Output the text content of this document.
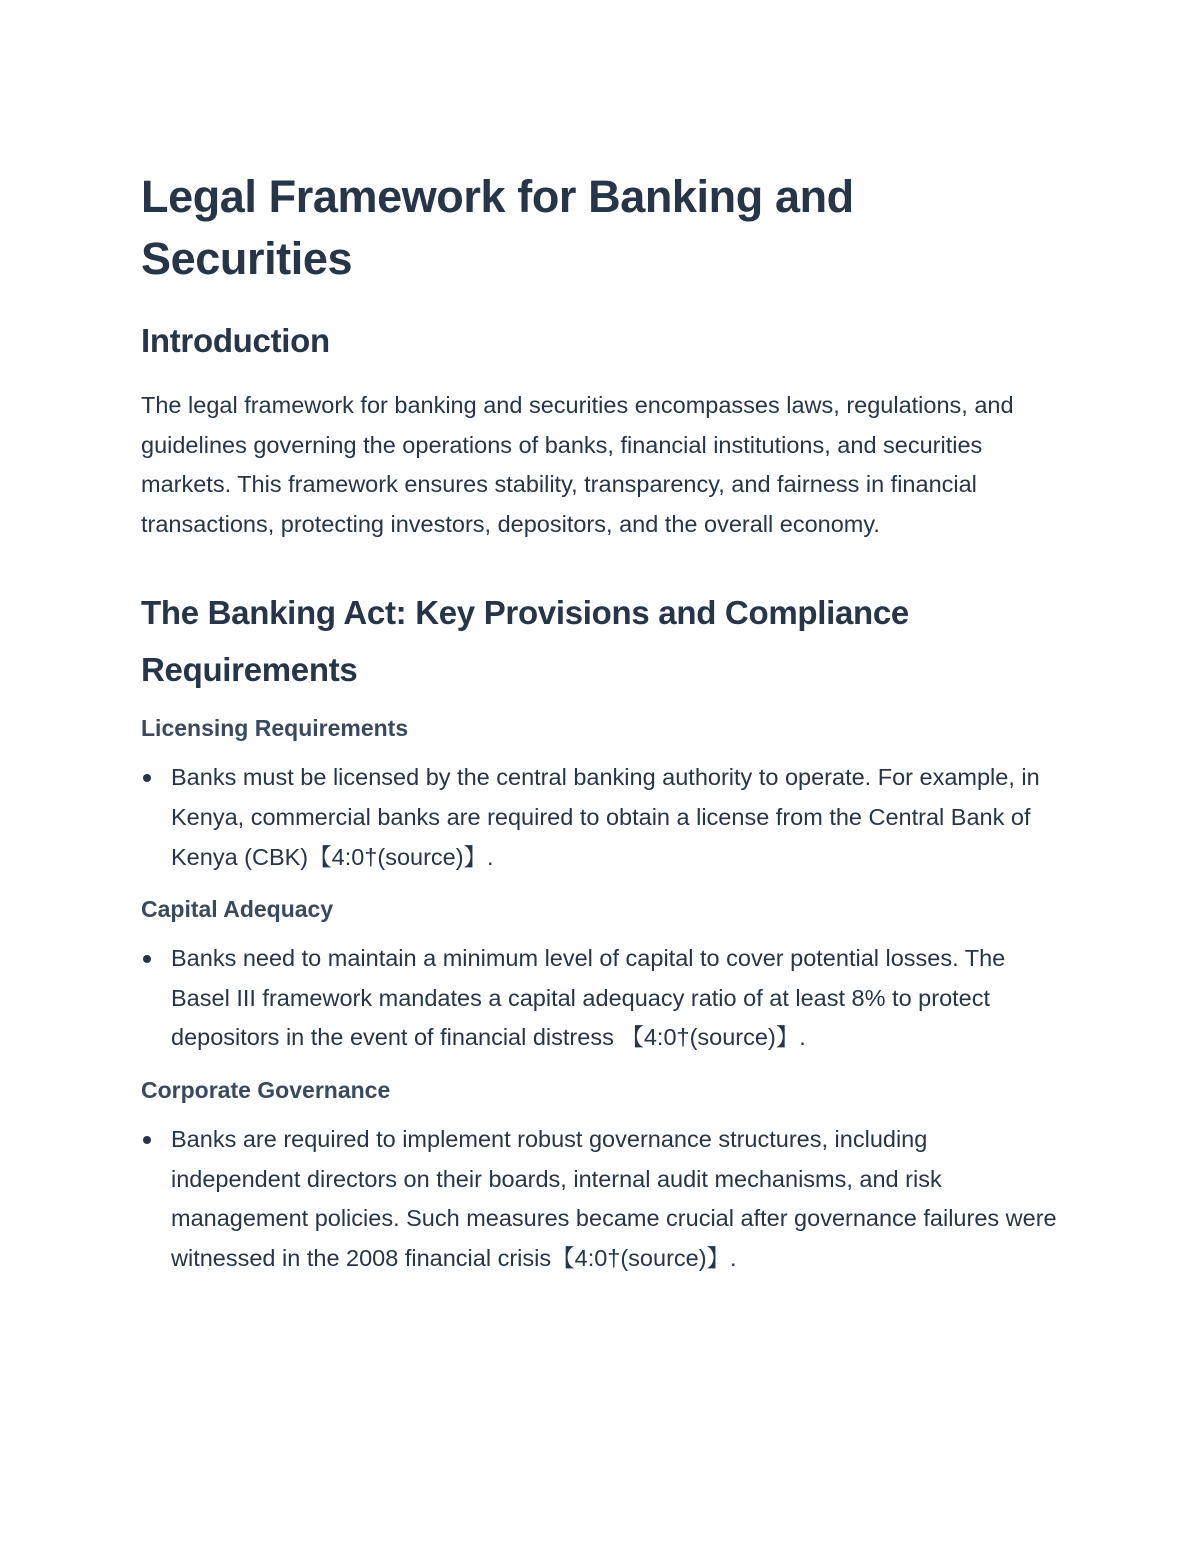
Legal Framework for Banking and Securities
Introduction

The legal framework for banking and securities encompasses laws, regulations, and guidelines governing the operations of banks, financial institutions, and securities markets. This framework ensures stability, transparency, and fairness in financial transactions, protecting investors, depositors, and the overall economy.

The Banking Act: Key Provisions and Compliance Requirements
Licensing Requirements
Banks must be licensed by the central banking authority to operate. For example, in Kenya, commercial banks are required to obtain a license from the Central Bank of Kenya (CBK)【4:0†(source)】.
Capital Adequacy
Banks need to maintain a minimum level of capital to cover potential losses. The Basel III framework mandates a capital adequacy ratio of at least 8% to protect depositors in the event of financial distress 【4:0†(source)】.
Corporate Governance
Banks are required to implement robust governance structures, including independent directors on their boards, internal audit mechanisms, and risk management policies. Such measures became crucial after governance failures were witnessed in the 2008 financial crisis【4:0†(source)】.
